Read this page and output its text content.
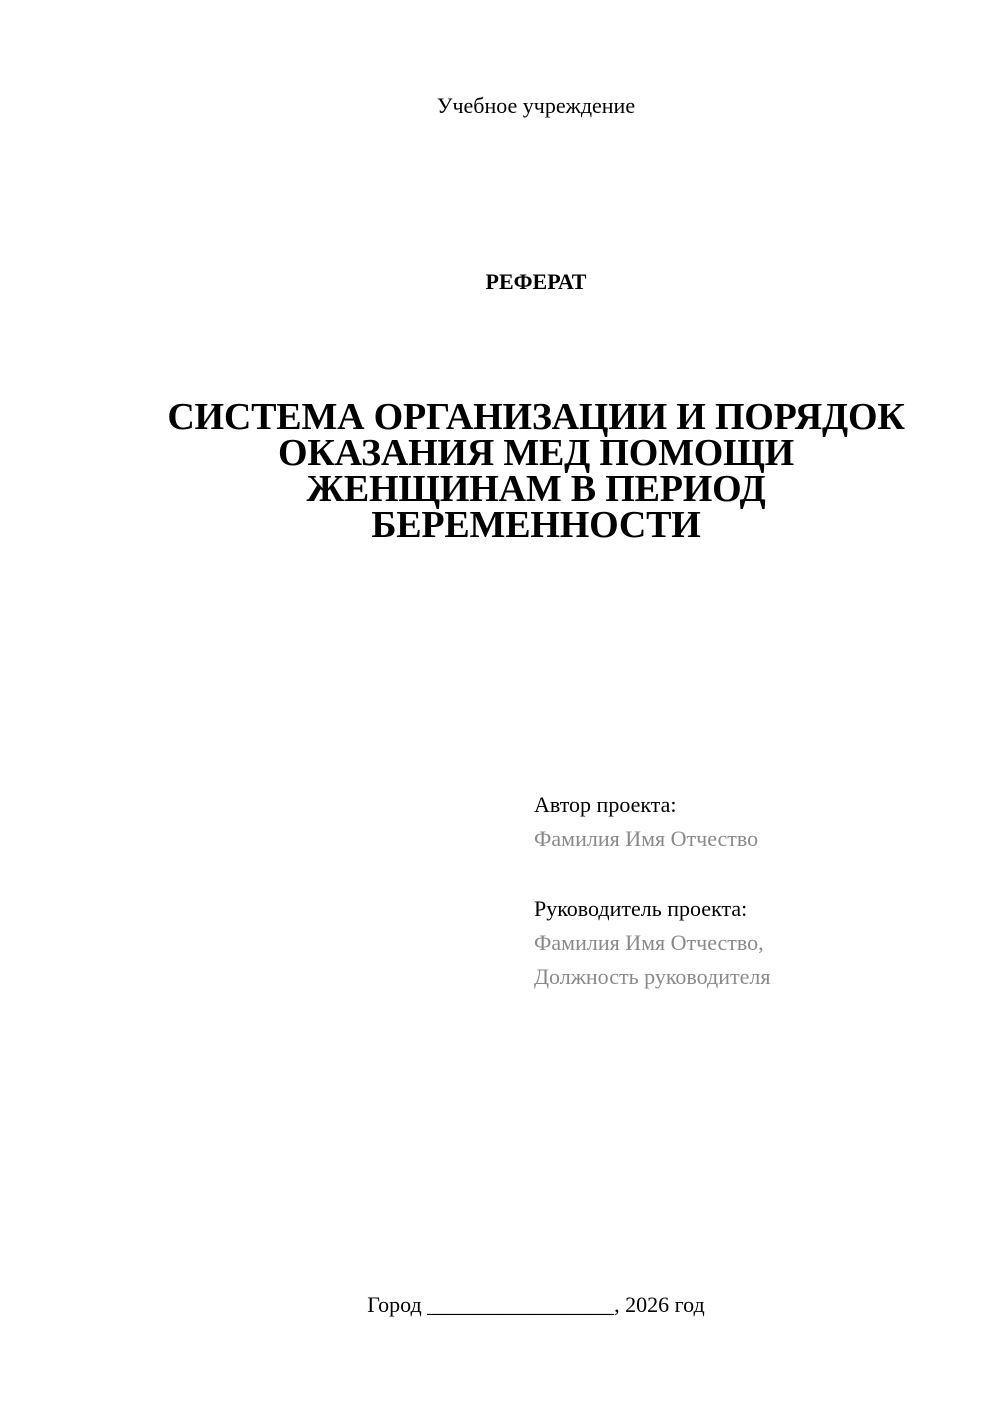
Учебное учреждение
РЕФЕРАТ
СИСТЕМА ОРГАНИЗАЦИИ И ПОРЯДОК
ОКАЗАНИЯ МЕД ПОМОЩИ
ЖЕНЩИНАМ В ПЕРИОД
БЕРЕМЕННОСТИ
Автор проекта:
Фамилия Имя Отчество
Руководитель проекта:
Фамилия Имя Отчество,
Должность руководителя
Город _________________, 2026 год
